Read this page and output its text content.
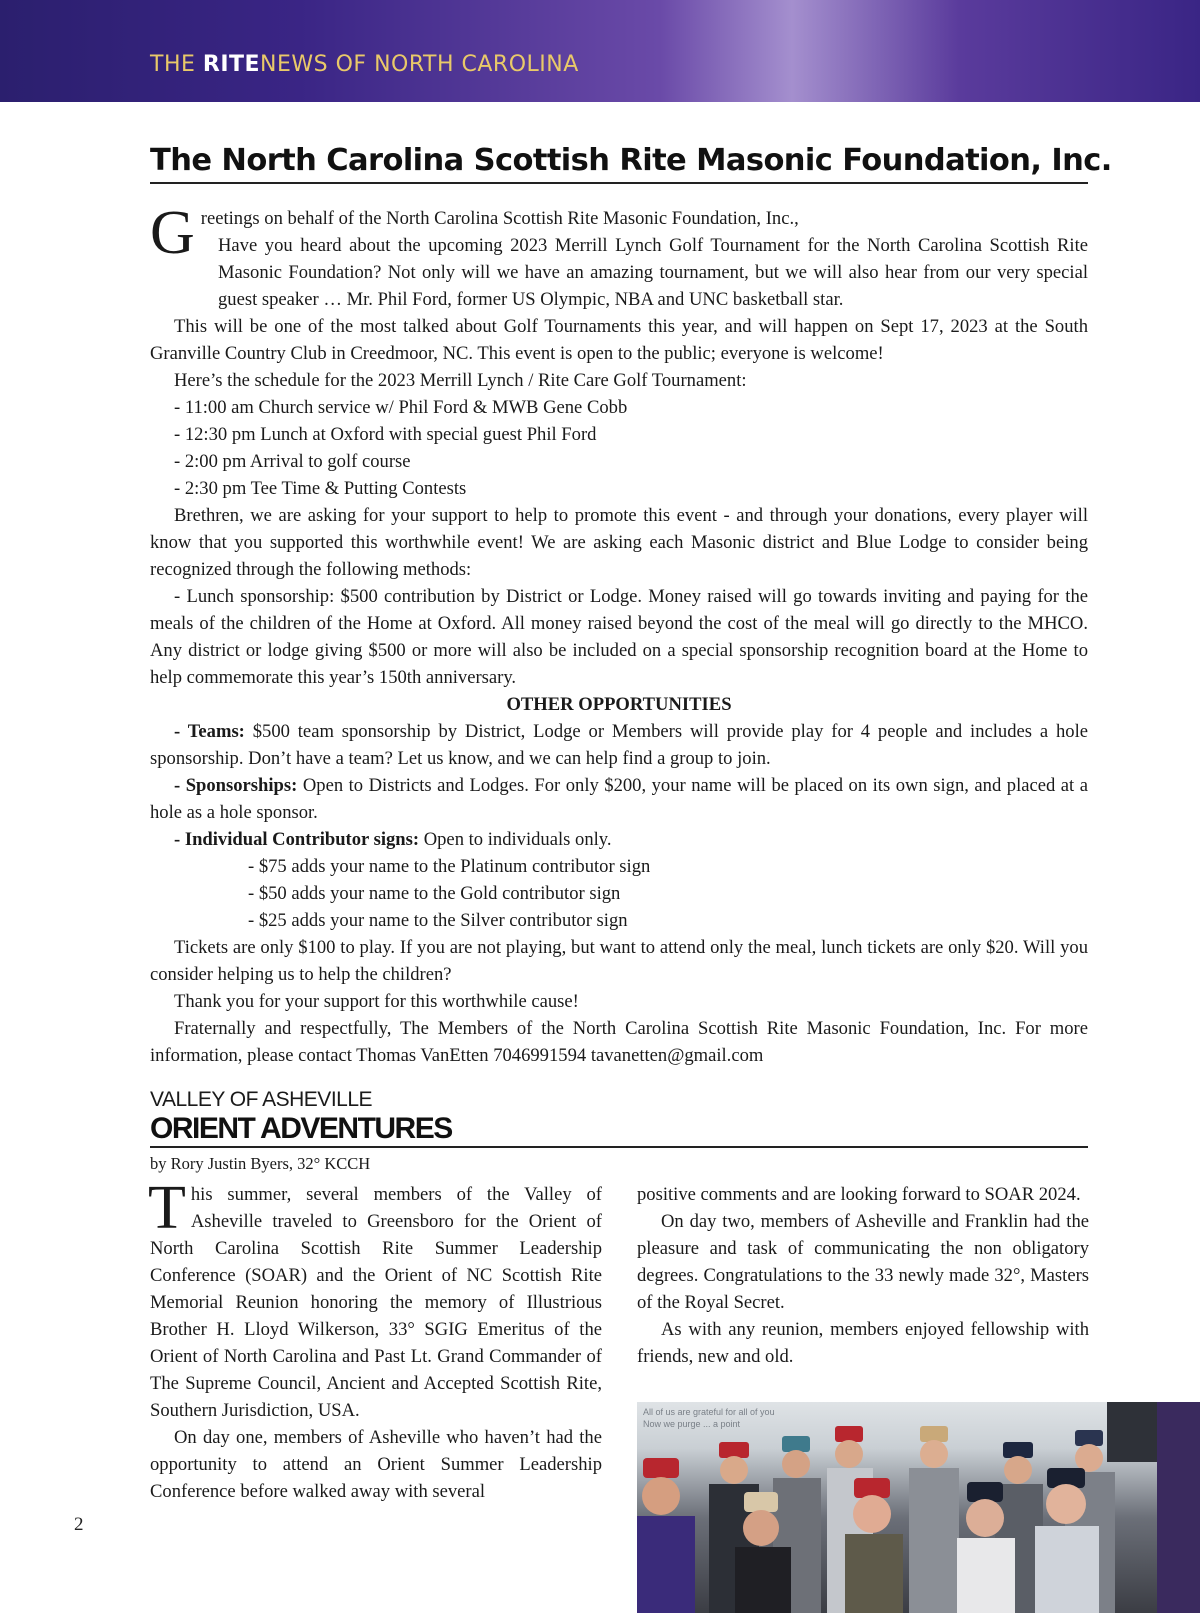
THE RITENEWS OF NORTH CAROLINA
The North Carolina Scottish Rite Masonic Foundation, Inc.

Greetings on behalf of the North Carolina Scottish Rite Masonic Foundation, Inc.,

Have you heard about the upcoming 2023 Merrill Lynch Golf Tournament for the North Carolina Scottish Rite Masonic Foundation? Not only will we have an amazing tournament, but we will also hear from our very special guest speaker … Mr. Phil Ford, former US Olympic, NBA and UNC basketball star.

This will be one of the most talked about Golf Tournaments this year, and will happen on Sept 17, 2023 at the South Granville Country Club in Creedmoor, NC. This event is open to the public; everyone is welcome!

Here’s the schedule for the 2023 Merrill Lynch / Rite Care Golf Tournament:

- 11:00 am Church service w/ Phil Ford & MWB Gene Cobb

- 12:30 pm Lunch at Oxford with special guest Phil Ford

- 2:00 pm Arrival to golf course

- 2:30 pm Tee Time & Putting Contests

Brethren, we are asking for your support to help to promote this event - and through your donations, every player will know that you supported this worthwhile event! We are asking each Masonic district and Blue Lodge to consider being recognized through the following methods:

- Lunch sponsorship: $500 contribution by District or Lodge. Money raised will go towards inviting and paying for the meals of the children of the Home at Oxford. All money raised beyond the cost of the meal will go directly to the MHCO. Any district or lodge giving $500 or more will also be included on a special sponsorship recognition board at the Home to help commemorate this year’s 150th anniversary.

OTHER OPPORTUNITIES

- Teams: $500 team sponsorship by District, Lodge or Members will provide play for 4 people and includes a hole sponsorship. Don’t have a team? Let us know, and we can help find a group to join.

- Sponsorships: Open to Districts and Lodges. For only $200, your name will be placed on its own sign, and placed at a hole as a hole sponsor.

- Individual Contributor signs: Open to individuals only.

- $75 adds your name to the Platinum contributor sign

- $50 adds your name to the Gold contributor sign

- $25 adds your name to the Silver contributor sign

Tickets are only $100 to play. If you are not playing, but want to attend only the meal, lunch tickets are only $20. Will you consider helping us to help the children?

Thank you for your support for this worthwhile cause!

Fraternally and respectfully, The Members of the North Carolina Scottish Rite Masonic Foundation, Inc. For more information, please contact Thomas VanEtten 7046991594 tavanetten@gmail.com

VALLEY OF ASHEVILLE
ORIENT ADVENTURES
by Rory Justin Byers, 32° KCCH

This summer, several members of the Valley of Asheville traveled to Greensboro for the Orient of North Carolina Scottish Rite Summer Leadership Conference (SOAR) and the Orient of NC Scottish Rite Memorial Reunion honoring the memory of Illustrious Brother H. Lloyd Wilkerson, 33° SGIG Emeritus of the Orient of North Carolina and Past Lt. Grand Commander of The Supreme Council, Ancient and Accepted Scottish Rite, Southern Jurisdiction, USA.

On day one, members of Asheville who haven’t had the opportunity to attend an Orient Summer Leadership Conference before walked away with several

positive comments and are looking forward to SOAR 2024.

On day two, members of Asheville and Franklin had the pleasure and task of communicating the non obligatory degrees. Congratulations to the 33 newly made 32°, Masters of the Royal Secret.

As with any reunion, members enjoyed fellowship with friends, new and old.

All of us are grateful for all of you
Now we purge ... a point
2
